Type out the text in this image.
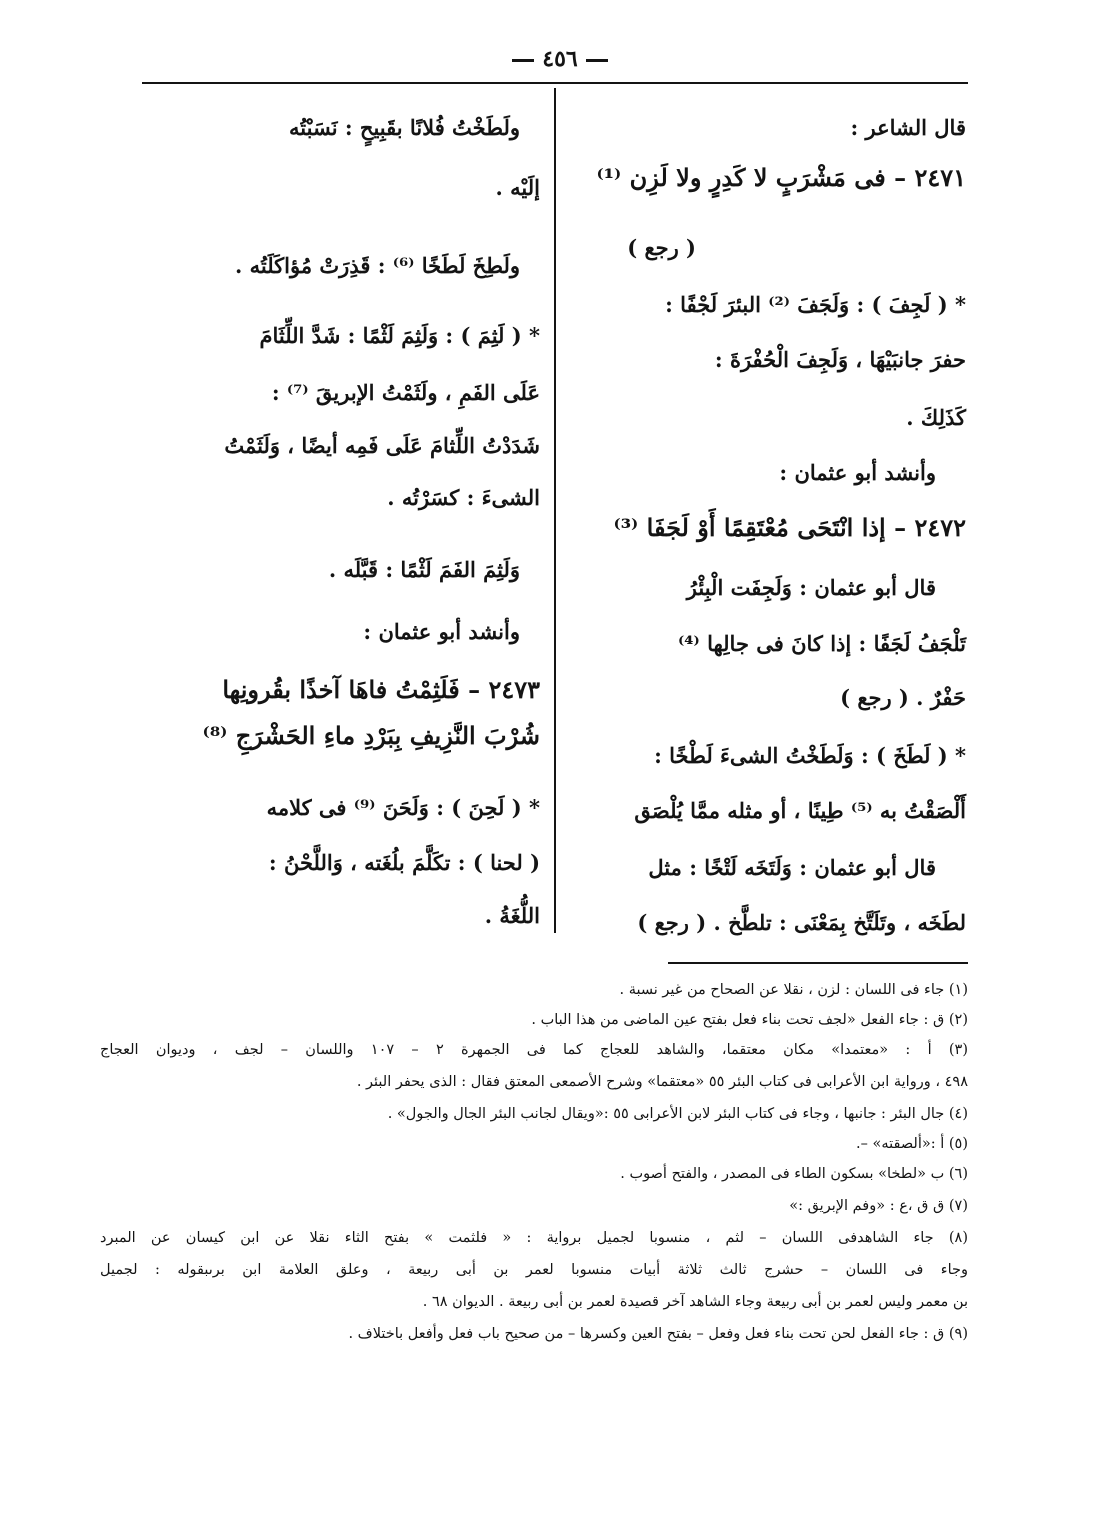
٤٥٦
قال الشاعر :
٢٤٧١ – فى مَشْرَبٍ لا كَدِرٍ ولا لَزِن ⁽¹⁾
( رجع )
* ( لَجِفَ ) : وَلَجَفَ ⁽²⁾ البئرَ لَجْفًا :
حفرَ جانبَيْهَا ، وَلَجِفَ الْحُفْرَةَ :
كَذَلِكَ .
وأنشد أبو عثمان :
٢٤٧٢ – إذا انْتَحَى مُعْتَقِمًا أَوْ لَجَفَا ⁽³⁾
قال أبو عثمان : وَلَجِفَت الْبِئْرُ
تَلْجَفُ لَجَفًا : إذا كانَ فى جالِها ⁽⁴⁾
حَفْرٌ . ( رجع )
* ( لَطَخَ ) : وَلَطَخْتُ الشىءَ لَطْخًا :
أَلْصَقْتُ به ⁽⁵⁾ طِينًا ، أو مثله ممَّا يُلْصَق
قال أبو عثمان : وَلَتَخَه لَتْخًا : مثل
لطَخَه ، وتَلَتَّخ بِمَعْنَى : تلطَّخ . ( رجع )
ولَطَخْتُ فُلانًا بقَبِيحٍ : نَسَبْتُه
إلَيْه .
ولَطِخَ لَطَخًا ⁽⁶⁾ : قَذِرَتْ مُؤاكَلَتُه .
* ( لَثِمَ ) : وَلَثِمَ لَثْمًا : شَدَّ اللِّثَامَ
عَلَى الفَمِ ، ولَثَمْتُ الإبريقَ ⁽⁷⁾ :
شَدَدْتُ اللِّثامَ عَلَى فَمِه أيضًا ، وَلَثَمْتُ
الشىءَ : كسَرْتُه .
وَلَثِمَ الفَمَ لَثْمًا : قَبَّلَه .
وأنشد أبو عثمان :
٢٤٧٣ – فَلَثِمْتُ فاهَا آخذًا بقُرونِها
شُرْبَ النَّزِيفِ بِبَرْدِ ماءِ الحَشْرَجِ ⁽⁸⁾
* ( لَحِنَ ) : وَلَحَنَ ⁽⁹⁾ فى كلامه
( لحنا ) : تكَلَّمَ بلُغَته ، وَاللَّحْنُ :
اللُّغَةُ .
(١) جاء فى اللسان : لزن ، نقلا عن الصحاح من غير نسبة .
(٢) ق : جاء الفعل «لجف تحت بناء فعل بفتح عين الماضى من هذا الباب .
(٣) أ : «معتمدا» مكان معتقما، والشاهد للعجاج كما فى الجمهرة ٢ – ١٠٧ واللسان – لجف ، وديوان العجاج
٤٩٨ ، ورواية ابن الأعرابى فى كتاب البئر ٥٥ «معتقما» وشرح الأصمعى المعتق فقال : الذى يحفر البئر .
(٤) جال البئر : جانبها ، وجاء فى كتاب البئر لابن الأعرابى ٥٥ :«ويقال لجانب البئر الجال والجول» .
(٥) أ :«ألصقته» –.
(٦) ب «لطخا» بسكون الطاء فى المصدر ، والفتح أصوب .
(٧) ق ق ،ع : «وفم الإبريق :»
(٨) جاء الشاهدفى اللسان – لثم ، منسوبا لجميل برواية : « فلثمت » بفتح الثاء نقلا عن ابن كيسان عن المبرد
وجاء فى اللسان – حشرج ثالث ثلاثة أبيات منسوبا لعمر بن أبى ربيعة ، وعلق العلامة ابن برىبقوله : لجميل
بن معمر وليس لعمر بن أبى ربيعة وجاء الشاهد آخر قصيدة لعمر بن أبى ربيعة . الديوان ٦٨ .
(٩) ق : جاء الفعل لحن تحت بناء فعل وفعل – بفتح العين وكسرها – من صحيح باب فعل وأفعل باختلاف .
